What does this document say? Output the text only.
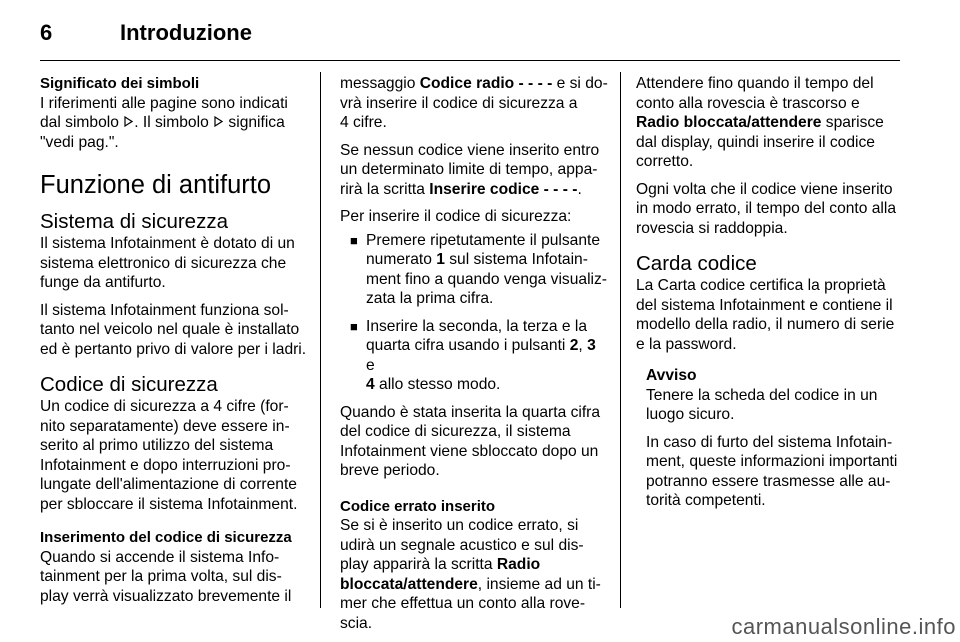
6	Introduzione
Significato dei simboli
I riferimenti alle pagine sono indicati
dal simbolo . Il simbolo  significa
"vedi pag.".
Funzione di antifurto
Sistema di sicurezza

Il sistema Infotainment è dotato di un
sistema elettronico di sicurezza che
funge da antifurto.

Il sistema Infotainment funziona sol-
tanto nel veicolo nel quale è installato
ed è pertanto privo di valore per i ladri.

Codice di sicurezza

Un codice di sicurezza a 4 cifre (for-
nito separatamente) deve essere in-
serito al primo utilizzo del sistema
Infotainment e dopo interruzioni pro-
lungate dell'alimentazione di corrente
per sbloccare il sistema Infotainment.

Inserimento del codice di sicurezza
Quando si accende il sistema Info-
tainment per la prima volta, sul dis-
play verrà visualizzato brevemente il

messaggio Codice radio - - - - e si do-
vrà inserire il codice di sicurezza a
4 cifre.

Se nessun codice viene inserito entro
un determinato limite di tempo, appa-
rirà la scritta Inserire codice - - - -.

Per inserire il codice di sicurezza:

■ Premere ripetutamente il pulsante
numerato 1 sul sistema Infotain-
ment fino a quando venga visualiz-
zata la prima cifra.
■ Inserire la seconda, la terza e la
quarta cifra usando i pulsanti 2, 3 e
4 allo stesso modo.

Quando è stata inserita la quarta cifra
del codice di sicurezza, il sistema
Infotainment viene sbloccato dopo un
breve periodo.

Codice errato inserito
Se si è inserito un codice errato, si
udirà un segnale acustico e sul dis-
play apparirà la scritta Radio
bloccata/attendere, insieme ad un ti-
mer che effettua un conto alla rove-
scia.

Attendere fino quando il tempo del
conto alla rovescia è trascorso e
Radio bloccata/attendere sparisce
dal display, quindi inserire il codice
corretto.

Ogni volta che il codice viene inserito
in modo errato, il tempo del conto alla
rovescia si raddoppia.

Carda codice

La Carta codice certifica la proprietà
del sistema Infotainment e contiene il
modello della radio, il numero di serie
e la password.

Avviso

Tenere la scheda del codice in un
luogo sicuro.

In caso di furto del sistema Infotain-
ment, queste informazioni importanti
potranno essere trasmesse alle au-
torità competenti.

carmanualsonline.info
